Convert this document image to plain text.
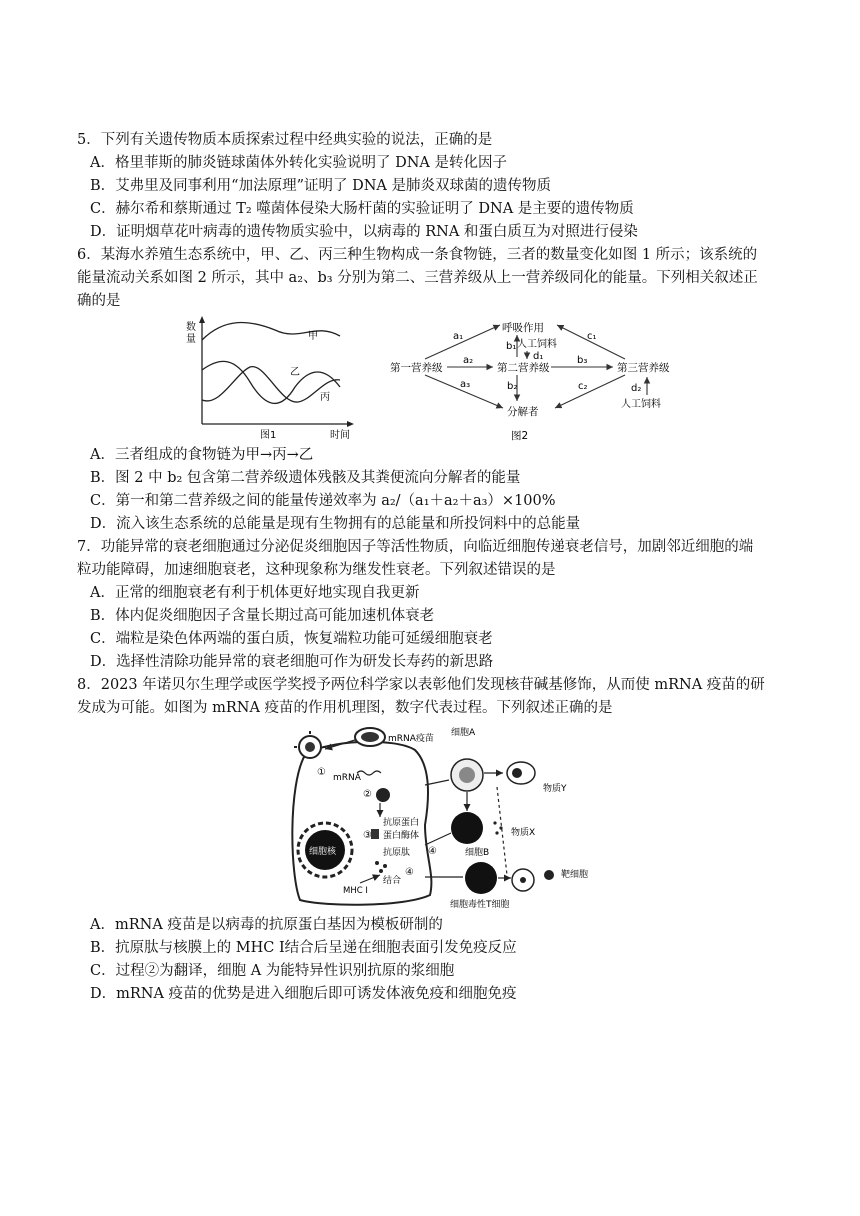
5．下列有关遗传物质本质探索过程中经典实验的说法，正确的是
A．格里菲斯的肺炎链球菌体外转化实验说明了 DNA 是转化因子
B．艾弗里及同事利用“加法原理”证明了 DNA 是肺炎双球菌的遗传物质
C．赫尔希和蔡斯通过 T₂ 噬菌体侵染大肠杆菌的实验证明了 DNA 是主要的遗传物质
D．证明烟草花叶病毒的遗传物质实验中，以病毒的 RNA 和蛋白质互为对照进行侵染
6．某海水养殖生态系统中，甲、乙、丙三种生物构成一条食物链，三者的数量变化如图 1 所示；该系统的
能量流动关系如图 2 所示，其中 a₂、b₃ 分别为第二、三营养级从上一营养级同化的能量。下列相关叙述正
确的是
数
量	甲
乙
丙
时间
图1
第一营养级	第二营养级	第三营养级
呼吸作用
分解者
人工饲料
人工饲料
a₁
a₂
a₃
b₁
b₂
b₃
c₁
c₂
d₁
d₂
图2
A．三者组成的食物链为甲→丙→乙
B．图 2 中 b₂ 包含第二营养级遗体残骸及其粪便流向分解者的能量
C．第一和第二营养级之间的能量传递效率为 a₂/（a₁＋a₂＋a₃）×100%
D．流入该生态系统的总能量是现有生物拥有的总能量和所投饲料中的总能量
7．功能异常的衰老细胞通过分泌促炎细胞因子等活性物质，向临近细胞传递衰老信号，加剧邻近细胞的端
粒功能障碍，加速细胞衰老，这种现象称为继发性衰老。下列叙述错误的是
A．正常的细胞衰老有利于机体更好地实现自我更新
B．体内促炎细胞因子含量长期过高可能加速机体衰老
C．端粒是染色体两端的蛋白质，恢复端粒功能可延缓细胞衰老
D．选择性清除功能异常的衰老细胞可作为研发长寿药的新思路
8．2023 年诺贝尔生理学或医学奖授予两位科学家以表彰他们发现核苷碱基修饰，从而使 mRNA 疫苗的研
发成为可能。如图为 mRNA 疫苗的作用机理图，数字代表过程。下列叙述正确的是
mRNA疫苗
① mRNA
②
抗原蛋白
③ 蛋白酶体
抗原肽
细胞核
MHC Ⅰ
结合
④
④
细胞A
物质Y
细胞B
物质X
细胞毒性T细胞
靶细胞
A．mRNA 疫苗是以病毒的抗原蛋白基因为模板研制的
B．抗原肽与核膜上的 MHC Ⅰ结合后呈递在细胞表面引发免疫反应
C．过程②为翻译，细胞 A 为能特异性识别抗原的浆细胞
D．mRNA 疫苗的优势是进入细胞后即可诱发体液免疫和细胞免疫
